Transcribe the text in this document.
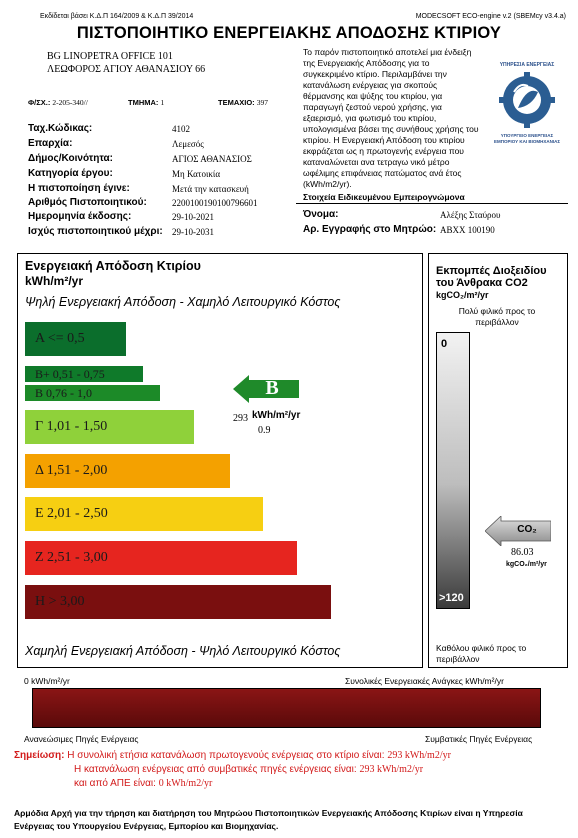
Εκδίδεται βάσει Κ.Δ.Π 164/2009 & Κ.Δ.Π 39/2014	MODECSOFT ECO-engine v.2 (SBEMcy v3.4.a)
ΠΙΣΤΟΠΟΙΗΤΙΚΟ ΕΝΕΡΓΕΙΑΚΗΣ ΑΠΟΔΟΣΗΣ ΚΤΙΡΙΟΥ
BG LINOPETRA OFFICE 101
ΛΕΩΦΟΡΟΣ ΑΓΙΟΥ ΑΘΑΝΑΣΙΟΥ 66
Φ/ΣΧ.: 2-205-340//	ΤΜΗΜΑ: 1	ΤΕΜΑΧΙΟ: 397
Το παρόν πιστοποιητικό αποτελεί μια ένδειξη της Ενεργειακής Απόδοσης για το συγκεκριμένο κτίριο. Περιλαμβάνει την κατανάλωση ενέργειας για σκοπούς θέρμανσης και ψύξης του κτιρίου, για παραγωγή ζεστού νερού χρήσης, για εξαερισμό, για φωτισμό του κτιρίου, υπολογισμένα βάσει της συνήθους χρήσης του κτιρίου. Η Ενεργειακή Απόδοση του κτιρίου εκφράζεται ως η πρωτογενής ενέργεια που καταναλώνεται ανα τετραγω νικό μέτρο ωφέλιμης επιφάνειας πατώματος ανά έτος (kWh/m2/yr).
ΥΠΗΡΕΣΙΑ ΕΝΕΡΓΕΙΑΣ
ΥΠΟΥΡΓΕΙΟ ΕΝΕΡΓΕΙΑΣ
ΕΜΠΟΡΙΟΥ ΚΑΙ ΒΙΟΜΗΧΑΝΙΑΣ
Ταχ.Κώδικας:	4102
Επαρχία:	Λεμεσός
Δήμος/Κοινότητα:	ΑΓΙΟΣ ΑΘΑΝΑΣΙΟΣ
Κατηγορία έργου:	Μη Κατοικία
Η πιστοποίηση έγινε:	Μετά την κατασκευή
Αριθμός Πιστοποιητικού:	2200100190100796601
Ημερομηνία έκδοσης:	29-10-2021
Ισχύς πιστοποιητικού μέχρι: 29-10-2031
Στοιχεία Ειδικευμένου Εμπειρογνώμονα
Όνομα:	Αλέξης Σταύρου
Αρ. Εγγραφής στο Μητρώο: ABXX 100190
Ενεργειακή Απόδοση Κτιρίου
kWh/m²/yr
Ψηλή Ενεργειακή Απόδοση - Χαμηλό Λειτουργικό Κόστος
A <= 0,5
B+ 0,51 - 0,75
B 0,76 - 1,0
Γ 1,01 - 1,50
Δ 1,51 - 2,00
Ε 2,01 - 2,50
Ζ 2,51 - 3,00
Η > 3,00
B
293 kWh/m²/yr
0.9
Χαμηλή Ενεργειακή Απόδοση - Ψηλό Λειτουργικό Κόστος
Εκπομπές Διοξειδίου του Άνθρακα CO2
kgCO₂/m²/yr
Πολύ φιλικό προς το περιβάλλον
0
>120
CO₂
86.03
kgCO₂/m²/yr
Καθόλου φιλικό προς το περιβάλλον
0 kWh/m²/yr	Συνολικές Ενεργειακές Ανάγκες kWh/m²/yr
Ανανεώσιμες Πηγές Ενέργειας	Συμβατικές Πηγές Ενέργειας
Σημείωση: Η συνολική ετήσια κατανάλωση πρωτογενούς ενέργειας στο κτίριο είναι: 293 kWh/m2/yr
Η κατανάλωση ενέργειας από συμβατικές πηγές ενέργειας είναι: 293 kWh/m2/yr
και από ΑΠΕ είναι: 0 kWh/m2/yr
Αρμόδια Αρχή για την τήρηση και διατήρηση του Μητρώου Πιστοποιητικών Ενεργειακής Απόδοσης Κτιρίων είναι η Υπηρεσία Ενέργειας του Υπουργείου Ενέργειας, Εμπορίου και Βιομηχανίας.
